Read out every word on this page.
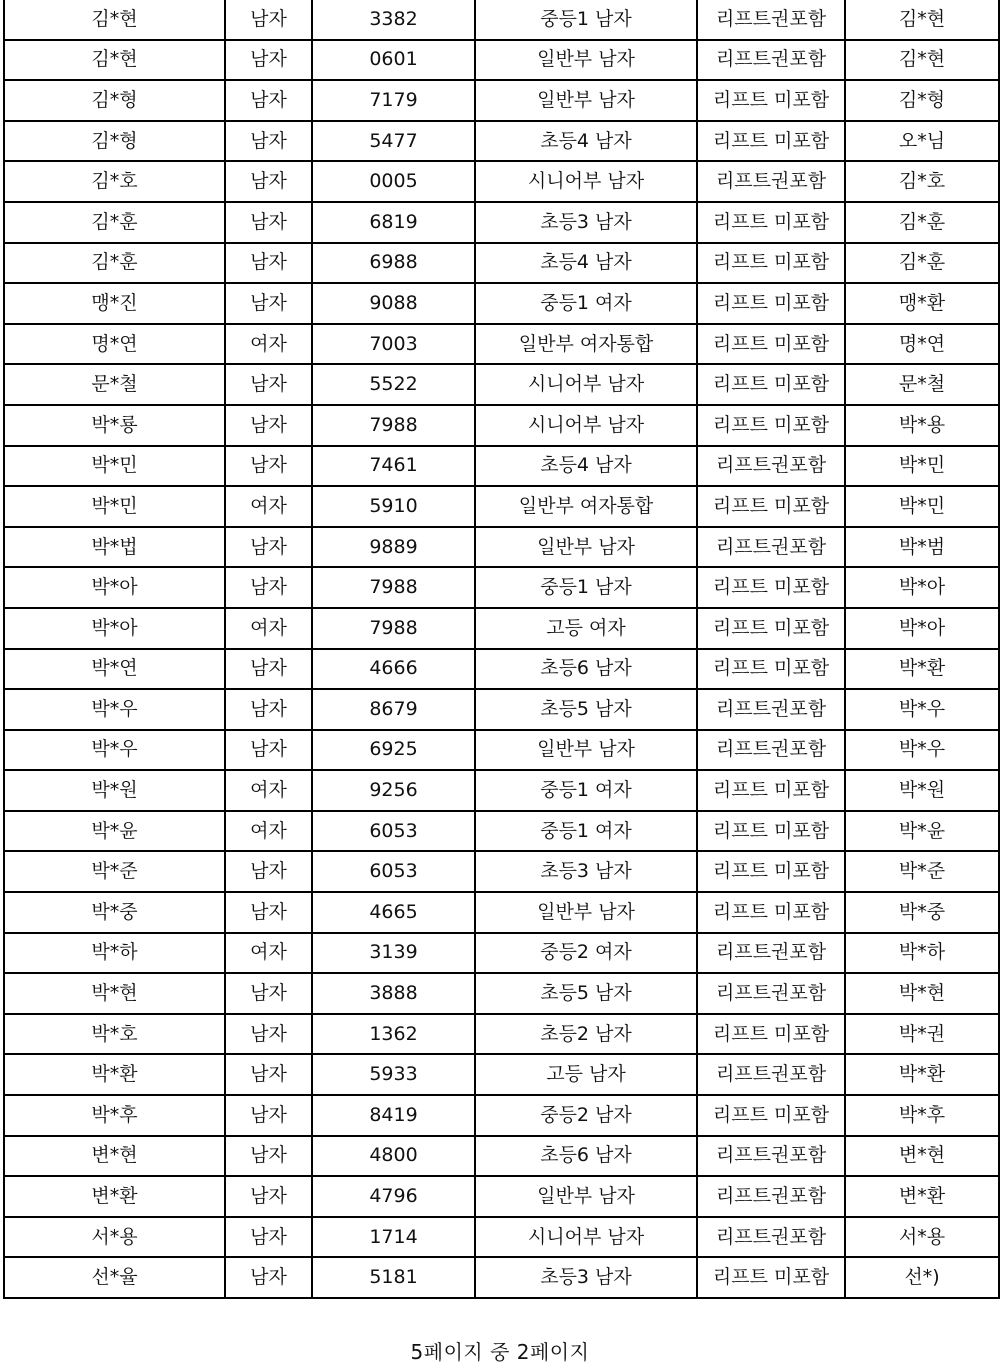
김*현	남자	3382	중등1 남자	리프트권포함	김*현
김*현	남자	0601	일반부 남자	리프트권포함	김*현
김*형	남자	7179	일반부 남자	리프트 미포함	김*형
김*형	남자	5477	초등4 남자	리프트 미포함	오*님
김*호	남자	0005	시니어부 남자	리프트권포함	김*호
김*훈	남자	6819	초등3 남자	리프트 미포함	김*훈
김*훈	남자	6988	초등4 남자	리프트 미포함	김*훈
맹*진	남자	9088	중등1 여자	리프트 미포함	맹*환
명*연	여자	7003	일반부 여자통합	리프트 미포함	명*연
문*철	남자	5522	시니어부 남자	리프트 미포함	문*철
박*룡	남자	7988	시니어부 남자	리프트 미포함	박*용
박*민	남자	7461	초등4 남자	리프트권포함	박*민
박*민	여자	5910	일반부 여자통합	리프트 미포함	박*민
박*법	남자	9889	일반부 남자	리프트권포함	박*범
박*아	남자	7988	중등1 남자	리프트 미포함	박*아
박*아	여자	7988	고등 여자	리프트 미포함	박*아
박*연	남자	4666	초등6 남자	리프트 미포함	박*환
박*우	남자	8679	초등5 남자	리프트권포함	박*우
박*우	남자	6925	일반부 남자	리프트권포함	박*우
박*원	여자	9256	중등1 여자	리프트 미포함	박*원
박*윤	여자	6053	중등1 여자	리프트 미포함	박*윤
박*준	남자	6053	초등3 남자	리프트 미포함	박*준
박*중	남자	4665	일반부 남자	리프트 미포함	박*중
박*하	여자	3139	중등2 여자	리프트권포함	박*하
박*현	남자	3888	초등5 남자	리프트권포함	박*현
박*호	남자	1362	초등2 남자	리프트 미포함	박*권
박*환	남자	5933	고등 남자	리프트권포함	박*환
박*후	남자	8419	중등2 남자	리프트 미포함	박*후
변*현	남자	4800	초등6 남자	리프트권포함	변*현
변*환	남자	4796	일반부 남자	리프트권포함	변*환
서*용	남자	1714	시니어부 남자	리프트권포함	서*용
선*율	남자	5181	초등3 남자	리프트 미포함	선*)
5페이지 중 2페이지
